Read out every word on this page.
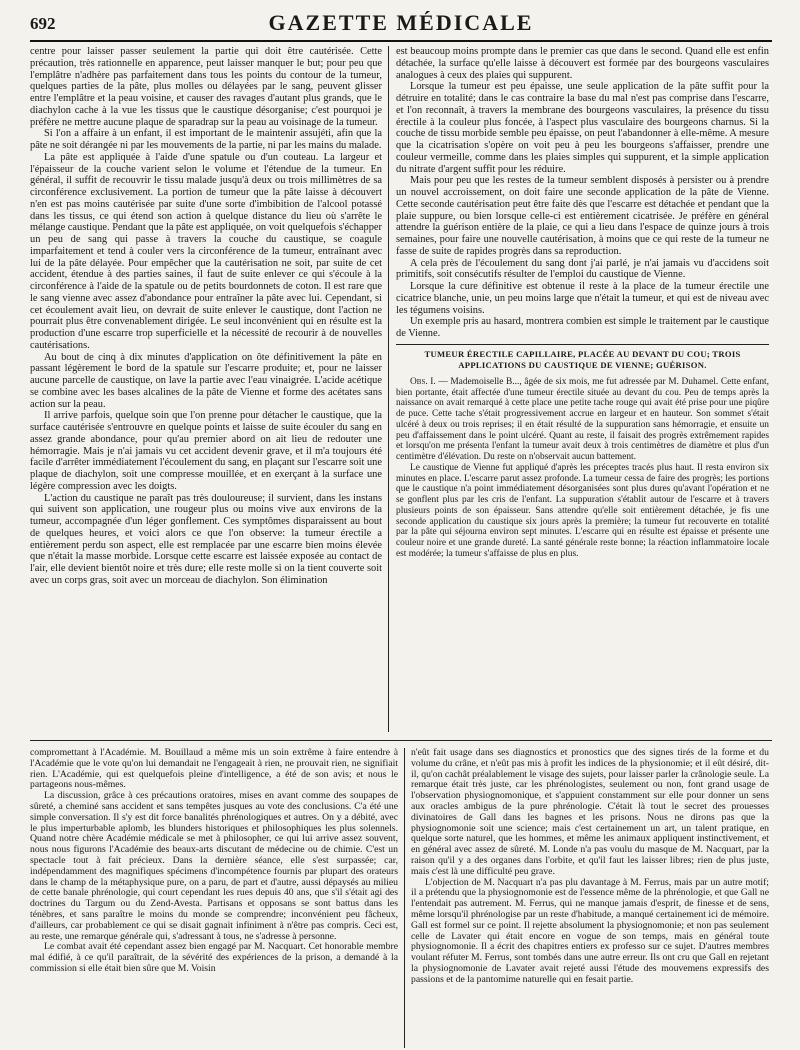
692	GAZETTE MÉDICALE

centre pour laisser passer seulement la partie qui doit être cautérisée. Cette précaution, très rationnelle en apparence, peut laisser manquer le but; pour peu que l'emplâtre n'adhère pas parfaitement dans tous les points du contour de la tumeur, quelques parties de la pâte, plus molles ou délayées par le sang, peuvent glisser entre l'emplâtre et la peau voisine, et causer des ravages d'autant plus grands, que le diachylon cache à la vue les tissus que le caustique désorganise; c'est pourquoi je préfère ne mettre aucune plaque de sparadrap sur la peau au voisinage de la tumeur.

Si l'on a affaire à un enfant, il est important de le maintenir assujéti, afin que la pâte ne soit dérangée ni par les mouvements de la partie, ni par les mains du malade.

La pâte est appliquée à l'aide d'une spatule ou d'un couteau. La largeur et l'épaisseur de la couche varient selon le volume et l'étendue de la tumeur. En général, il suffit de recouvrir le tissu malade jusqu'à deux ou trois millimètres de sa circonférence exclusivement. La portion de tumeur que la pâte laisse à découvert n'en est pas moins cautérisée par suite d'une sorte d'imbibition de l'alcool potassé dans les tissus, ce qui étend son action à quelque distance du lieu où s'arrête le mélange caustique. Pendant que la pâte est appliquée, on voit quelquefois s'échapper un peu de sang qui passe à travers la couche du caustique, se coagule imparfaitement et tend à couler vers la circonférence de la tumeur, entraînant avec lui de la pâte délayée. Pour empêcher que la cautérisation ne soit, par suite de cet accident, étendue à des parties saines, il faut de suite enlever ce qui s'écoule à la circonférence à l'aide de la spatule ou de petits bourdonnets de coton. Il est rare que le sang vienne avec assez d'abondance pour entraîner la pâte avec lui. Cependant, si cet écoulement avait lieu, on devrait de suite enlever le caustique, dont l'action ne pourrait plus être convenablement dirigée. Le seul inconvénient qui en résulte est la production d'une escarre trop superficielle et la nécessité de recourir à de nouvelles cautérisations.

Au bout de cinq à dix minutes d'application on ôte définitivement la pâte en passant légèrement le bord de la spatule sur l'escarre produite; et, pour ne laisser aucune parcelle de caustique, on lave la partie avec l'eau vinaigrée. L'acide acétique se combine avec les bases alcalines de la pâte de Vienne et forme des acétates sans action sur la peau.

Il arrive parfois, quelque soin que l'on prenne pour détacher le caustique, que la surface cautérisée s'entrouvre en quelque points et laisse de suite écouler du sang en assez grande abondance, pour qu'au premier abord on ait lieu de redouter une hémorragie. Mais je n'ai jamais vu cet accident devenir grave, et il m'a toujours été facile d'arrêter immédiatement l'écoulement du sang, en plaçant sur l'escarre soit une plaque de diachylon, soit une compresse mouillée, et en exerçant à la surface une légère compression avec les doigts.

L'action du caustique ne paraît pas très douloureuse; il survient, dans les instans qui suivent son application, une rougeur plus ou moins vive aux environs de la tumeur, accompagnée d'un léger gonflement. Ces symptômes disparaissent au bout de quelques heures, et voici alors ce que l'on observe: la tumeur érectile a entièrement perdu son aspect, elle est remplacée par une escarre bien moins élevée que n'était la masse morbide. Lorsque cette escarre est laissée exposée au contact de l'air, elle devient bientôt noire et très dure; elle reste molle si on la tient couverte soit avec un corps gras, soit avec un morceau de diachylon. Son élimination

est beaucoup moins prompte dans le premier cas que dans le second. Quand elle est enfin détachée, la surface qu'elle laisse à découvert est formée par des bourgeons vasculaires analogues à ceux des plaies qui suppurent.

Lorsque la tumeur est peu épaisse, une seule application de la pâte suffit pour la détruire en totalité; dans le cas contraire la base du mal n'est pas comprise dans l'escarre, et l'on reconnaît, à travers la membrane des bourgeons vasculaires, la présence du tissu érectile à la couleur plus foncée, à l'aspect plus vasculaire des bourgeons charnus. Si la couche de tissu morbide semble peu épaisse, on peut l'abandonner à elle-même. A mesure que la cicatrisation s'opère on voit peu à peu les bourgeons s'affaisser, prendre une couleur vermeille, comme dans les plaies simples qui suppurent, et la simple application du nitrate d'argent suffit pour les réduire.

Mais pour peu que les restes de la tumeur semblent disposés à persister ou à prendre un nouvel accroissement, on doit faire une seconde application de la pâte de Vienne. Cette seconde cautérisation peut être faite dès que l'escarre est détachée et pendant que la plaie suppure, ou bien lorsque celle-ci est entièrement cicatrisée. Je préfère en général attendre la guérison entière de la plaie, ce qui a lieu dans l'espace de quinze jours à trois semaines, pour faire une nouvelle cautérisation, à moins que ce qui reste de la tumeur ne fasse de suite de rapides progrès dans sa reproduction.

A cela près de l'écoulement du sang dont j'ai parlé, je n'ai jamais vu d'accidens soit primitifs, soit consécutifs résulter de l'emploi du caustique de Vienne.

Lorsque la cure définitive est obtenue il reste à la place de la tumeur érectile une cicatrice blanche, unie, un peu moins large que n'était la tumeur, et qui est de niveau avec les tégumens voisins.

Un exemple pris au hasard, montrera combien est simple le traitement par le caustique de Vienne.

TUMEUR ÉRECTILE CAPILLAIRE, PLACÉE AU DEVANT DU COU; TROIS APPLICATIONS DU CAUSTIQUE DE VIENNE; GUÉRISON.

Obs. I. — Mademoiselle B..., âgée de six mois, me fut adressée par M. Duhamel. Cette enfant, bien portante, était affectée d'une tumeur érectile située au devant du cou. Peu de temps après la naissance on avait remarqué à cette place une petite tache rouge qui avait été prise pour une piqûre de puce. Cette tache s'était progressivement accrue en largeur et en hauteur. Son sommet s'était ulcéré à deux ou trois reprises; il en était résulté de la suppuration sans hémorragie, et ensuite un peu d'affaissement dans le point ulcéré. Quant au reste, il faisait des progrès extrêmement rapides et lorsqu'on me présenta l'enfant la tumeur avait deux à trois centimètres de diamètre et plus d'un centimètre d'élévation. Du reste on n'observait aucun battement.

Le caustique de Vienne fut appliqué d'après les préceptes tracés plus haut. Il resta environ six minutes en place. L'escarre parut assez profonde. La tumeur cessa de faire des progrès; les portions que le caustique n'a point immédiatement désorganisées sont plus dures qu'avant l'opération et ne se gonflent plus par les cris de l'enfant. La suppuration s'établit autour de l'escarre et à travers plusieurs points de son épaisseur. Sans attendre qu'elle soit entièrement détachée, je fis une seconde application du caustique six jours après la première; la tumeur fut recouverte en totalité par la pâte qui séjourna environ sept minutes. L'escarre qui en résulte est épaisse et présente une couleur noire et une grande dureté. La santé générale reste bonne; la réaction inflammatoire locale est modérée; la tumeur s'affaisse de plus en plus.

compromettant à l'Académie. M. Bouillaud a même mis un soin extrême à faire entendre à l'Académie que le vote qu'on lui demandait ne l'engageait à rien, ne prouvait rien, ne signifiait rien. L'Académie, qui est quelquefois pleine d'intelligence, a été de son avis; et nous le partageons nous-mêmes.

La discussion, grâce à ces précautions oratoires, mises en avant comme des soupapes de sûreté, a cheminé sans accident et sans tempêtes jusques au vote des conclusions. C'a été une simple conversation. Il s'y est dit force banalités phrénologiques et autres. On y a débité, avec le plus imperturbable aplomb, les blunders historiques et philosophiques les plus solennels. Quand notre chère Académie médicale se met à philosopher, ce qui lui arrive assez souvent, nous nous figurons l'Académie des beaux-arts discutant de médecine ou de chimie. C'est un spectacle tout à fait précieux. Dans la dernière séance, elle s'est surpassée; car, indépendamment des magnifiques spécimens d'incompétence fournis par plupart des orateurs dans le champ de la métaphysique pure, on a paru, de part et d'autre, aussi dépaysés au milieu de cette banale phrénologie, qui court cependant les rues depuis 40 ans, que s'il s'était agi des doctrines du Targum ou du Zend-Avesta. Partisans et opposans se sont battus dans les ténèbres, et sans paraître le moins du monde se comprendre; inconvénient peu fâcheux, d'ailleurs, car probablement ce qui se disait gagnait infiniment à n'être pas compris. Ceci est, au reste, une remarque générale qui, s'adressant à tous, ne s'adresse à personne.

Le combat avait été cependant assez bien engagé par M. Nacquart. Cet honorable membre mal édifié, à ce qu'il paraîtrait, de la sévérité des expériences de la prison, a demandé à la commission si elle était bien sûre que M. Voisin

n'eût fait usage dans ses diagnostics et pronostics que des signes tirés de la forme et du volume du crâne, et n'eût pas mis à profit les indices de la physionomie; et il eût désiré, dit-il, qu'on cachât préalablement le visage des sujets, pour laisser parler la crânologie seule. La remarque était très juste, car les phrénologistes, seulement ou non, font grand usage de l'observation physiognomonique, et s'appuient constamment sur elle pour donner un sens aux oracles ambigus de la pure phrénologie. C'était là tout le secret des prouesses divinatoires de Gall dans les bagnes et les prisons. Nous ne dirons pas que la physiognomonie soit une science; mais c'est certainement un art, un talent pratique, en quelque sorte naturel, que les hommes, et même les animaux appliquent instinctivement, et en général avec assez de sûreté. M. Londe n'a pas voulu du masque de M. Nacquart, par la raison qu'il y a des organes dans l'orbite, et qu'il faut les laisser libres; rien de plus juste, mais c'est là une difficulté peu grave.

L'objection de M. Nacquart n'a pas plu davantage à M. Ferrus, mais par un autre motif; il a prétendu que la physiognomonie est de l'essence même de la phrénologie, et que Gall ne l'entendait pas autrement. M. Ferrus, qui ne manque jamais d'esprit, de finesse et de sens, même lorsqu'il phrénologise par un reste d'habitude, a manqué certainement ici de mémoire. Gall est formel sur ce point. Il rejette absolument la physiognomonie; et non pas seulement celle de Lavater qui était encore en vogue de son temps, mais en général toute physiognomonie. Il a écrit des chapitres entiers ex professo sur ce sujet. D'autres membres voulant réfuter M. Ferrus, sont tombés dans une autre erreur. Ils ont cru que Gall en rejetant la physiognomonie de Lavater avait rejeté aussi l'étude des mouvemens expressifs des passions et de la pantomime naturelle qui en fesait partie.
